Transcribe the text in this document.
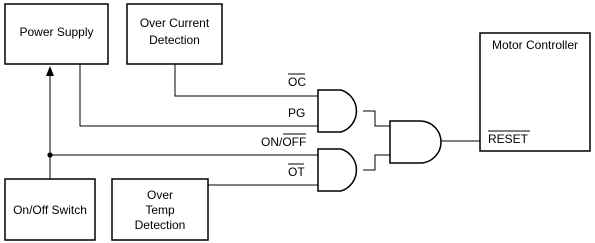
Power Supply
Over Current
Detection	Motor Controller
RESET
On/Off Switch
Over
Temp
Detection
OC
PG
ON/OFF
OT
